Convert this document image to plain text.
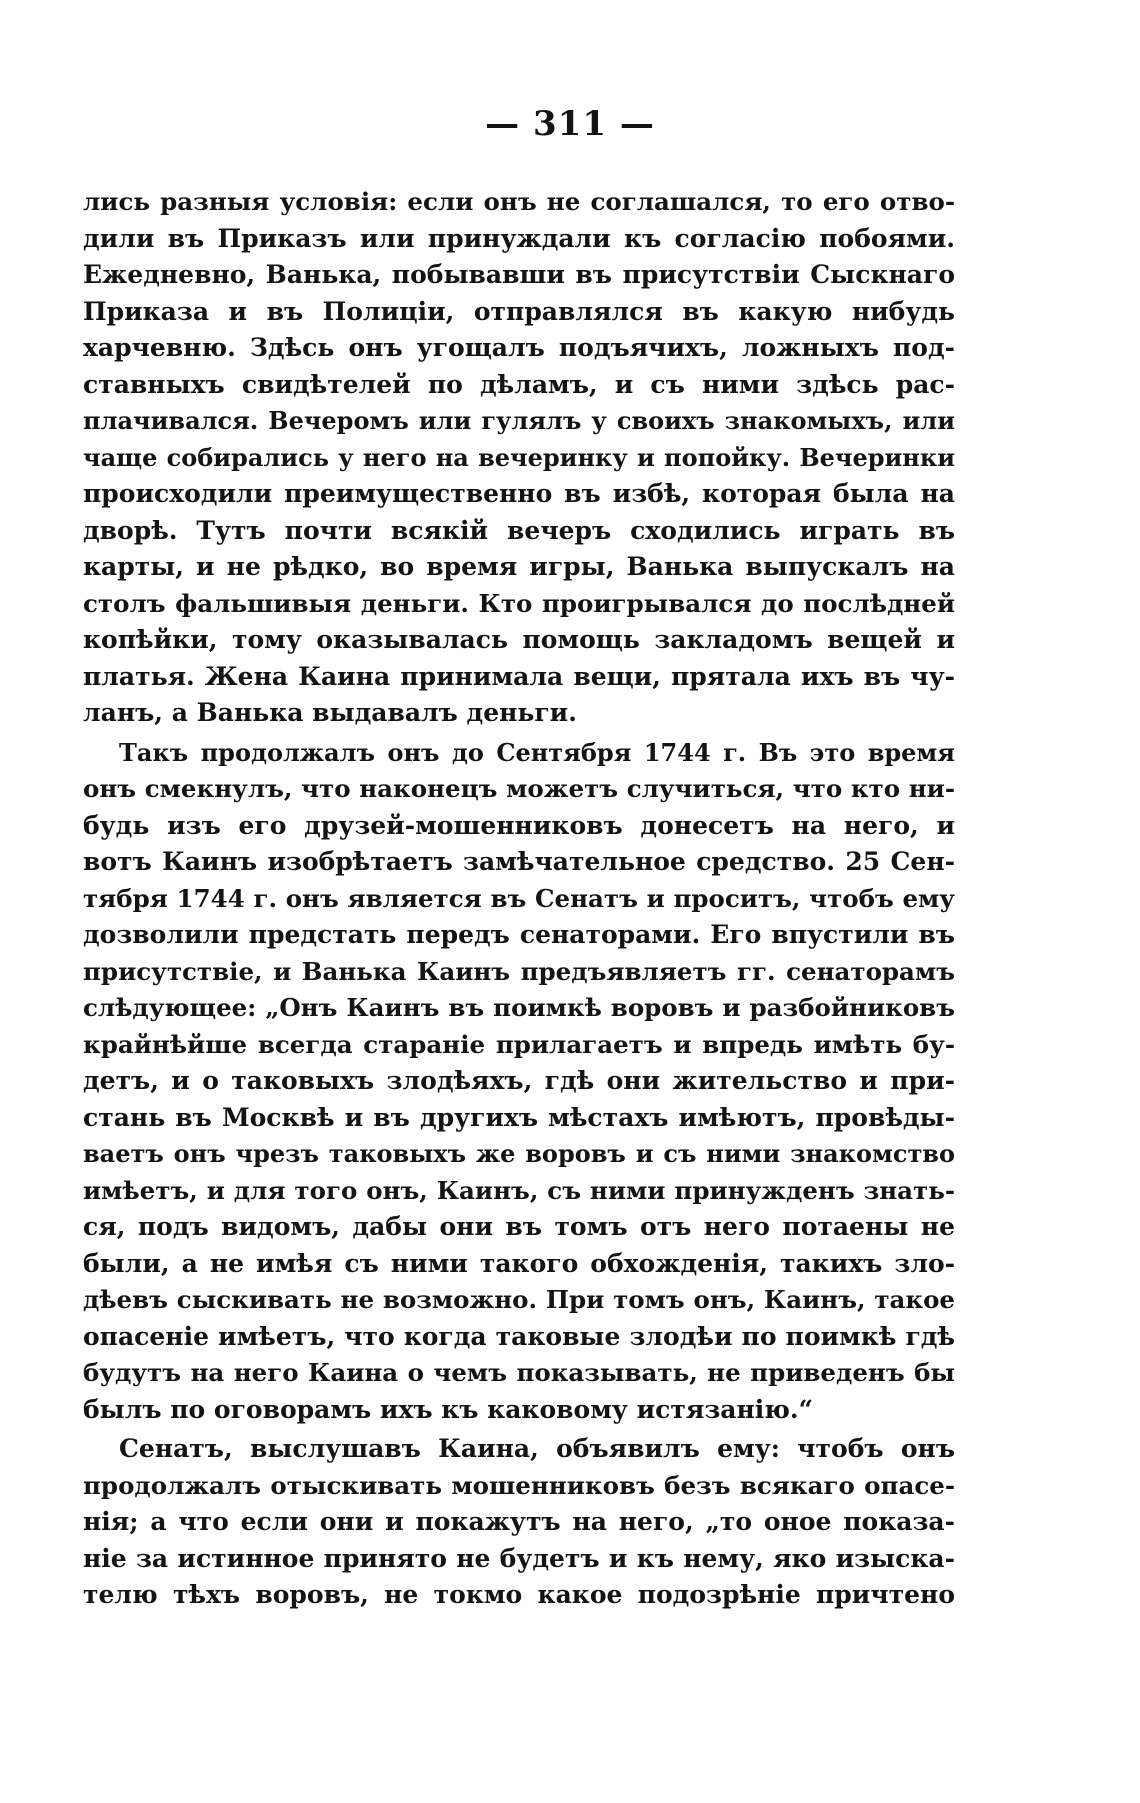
— 311 —
лись разныя условія: если онъ не соглашался, то его отво-
дили въ Приказъ или принуждали къ согласію побоями.
Ежедневно, Ванька, побывавши въ присутствіи Сыскнаго
Приказа и въ Полиціи, отправлялся въ какую нибудь
харчевню. Здѣсь онъ угощалъ подъячихъ, ложныхъ под-
ставныхъ свидѣтелей по дѣламъ, и съ ними здѣсь рас-
плачивался. Вечеромъ или гулялъ у своихъ знакомыхъ, или
чаще собирались у него на вечеринку и попойку. Вечеринки
происходили преимущественно въ избѣ, которая была на
дворѣ. Тутъ почти всякій вечеръ сходились играть въ
карты, и не рѣдко, во время игры, Ванька выпускалъ на
столъ фальшивыя деньги. Кто проигрывался до послѣдней
копѣйки, тому оказывалась помощь закладомъ вещей и
платья. Жена Каина принимала вещи, прятала ихъ въ чу-
ланъ, а Ванька выдавалъ деньги.
Такъ продолжалъ онъ до Сентября 1744 г. Въ это время
онъ смекнулъ, что наконецъ можетъ случиться, что кто ни-
будь изъ его друзей-мошенниковъ донесетъ на него, и
вотъ Каинъ изобрѣтаетъ замѣчательное средство. 25 Сен-
тября 1744 г. онъ является въ Сенатъ и проситъ, чтобъ ему
дозволили предстать передъ сенаторами. Его впустили въ
присутствіе, и Ванька Каинъ предъявляетъ гг. сенаторамъ
слѣдующее: „Онъ Каинъ въ поимкѣ воровъ и разбойниковъ
крайнѣйше всегда стараніе прилагаетъ и впредь имѣть бу-
детъ, и о таковыхъ злодѣяхъ, гдѣ они жительство и при-
стань въ Москвѣ и въ другихъ мѣстахъ имѣютъ, провѣды-
ваетъ онъ чрезъ таковыхъ же воровъ и съ ними знакомство
имѣетъ, и для того онъ, Каинъ, съ ними принужденъ знать-
ся, подъ видомъ, дабы они въ томъ отъ него потаены не
были, а не имѣя съ ними такого обхожденія, такихъ зло-
дѣевъ сыскивать не возможно. При томъ онъ, Каинъ, такое
опасеніе имѣетъ, что когда таковые злодѣи по поимкѣ гдѣ
будутъ на него Каина о чемъ показывать, не приведенъ бы
былъ по оговорамъ ихъ къ каковому истязанію.“
Сенатъ, выслушавъ Каина, объявилъ ему: чтобъ онъ
продолжалъ отыскивать мошенниковъ безъ всякаго опасе-
нія; а что если они и покажутъ на него, „то оное показа-
ніе за истинное принято не будетъ и къ нему, яко изыска-
телю тѣхъ воровъ, не токмо какое подозрѣніе причтено
